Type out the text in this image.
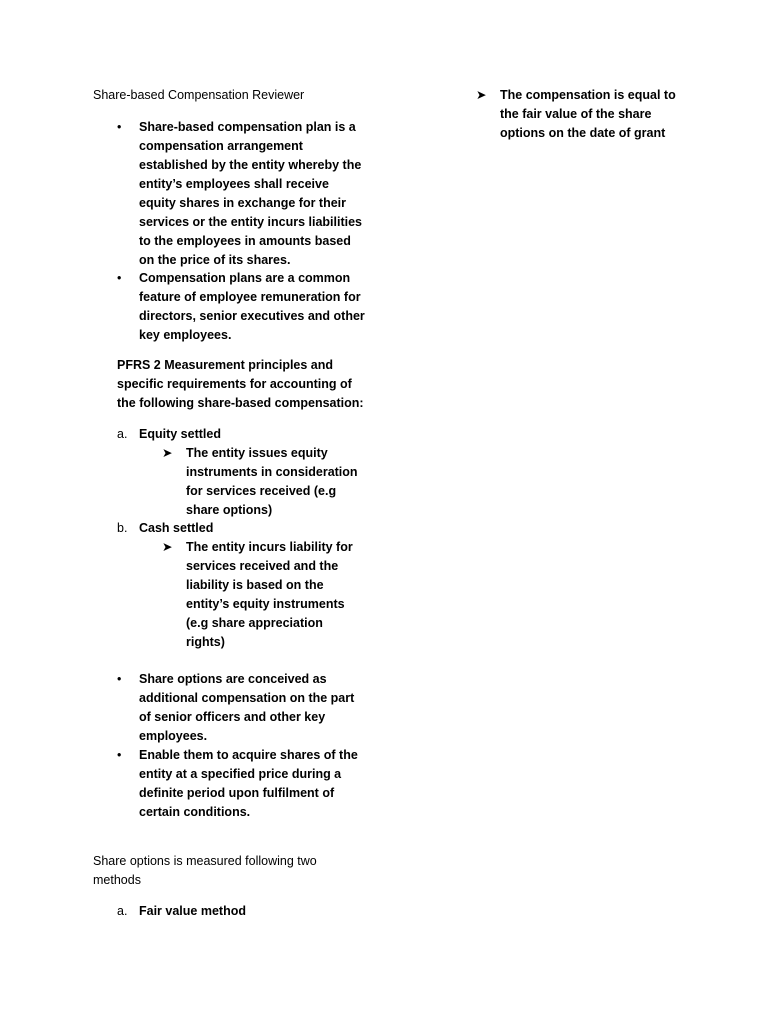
Share-based Compensation Reviewer
• Share-based compensation plan is a
compensation arrangement
established by the entity whereby the
entity’s employees shall receive
equity shares in exchange for their
services or the entity incurs liabilities
to the employees in amounts based
on the price of its shares.
• Compensation plans are a common
feature of employee remuneration for
directors, senior executives and other
key employees.
PFRS 2 Measurement principles and
specific requirements for accounting of
the following share-based compensation:
a. Equity settled
➤ The entity issues equity
instruments in consideration
for services received (e.g
share options)
b. Cash settled
➤ The entity incurs liability for
services received and the
liability is based on the
entity’s equity instruments
(e.g share appreciation
rights)
• Share options are conceived as
additional compensation on the part
of senior officers and other key
employees.
• Enable them to acquire shares of the
entity at a specified price during a
definite period upon fulfilment of
certain conditions.
Share options is measured following two
methods
a. Fair value method
➤ The compensation is equal to
the fair value of the share
options on the date of grant
